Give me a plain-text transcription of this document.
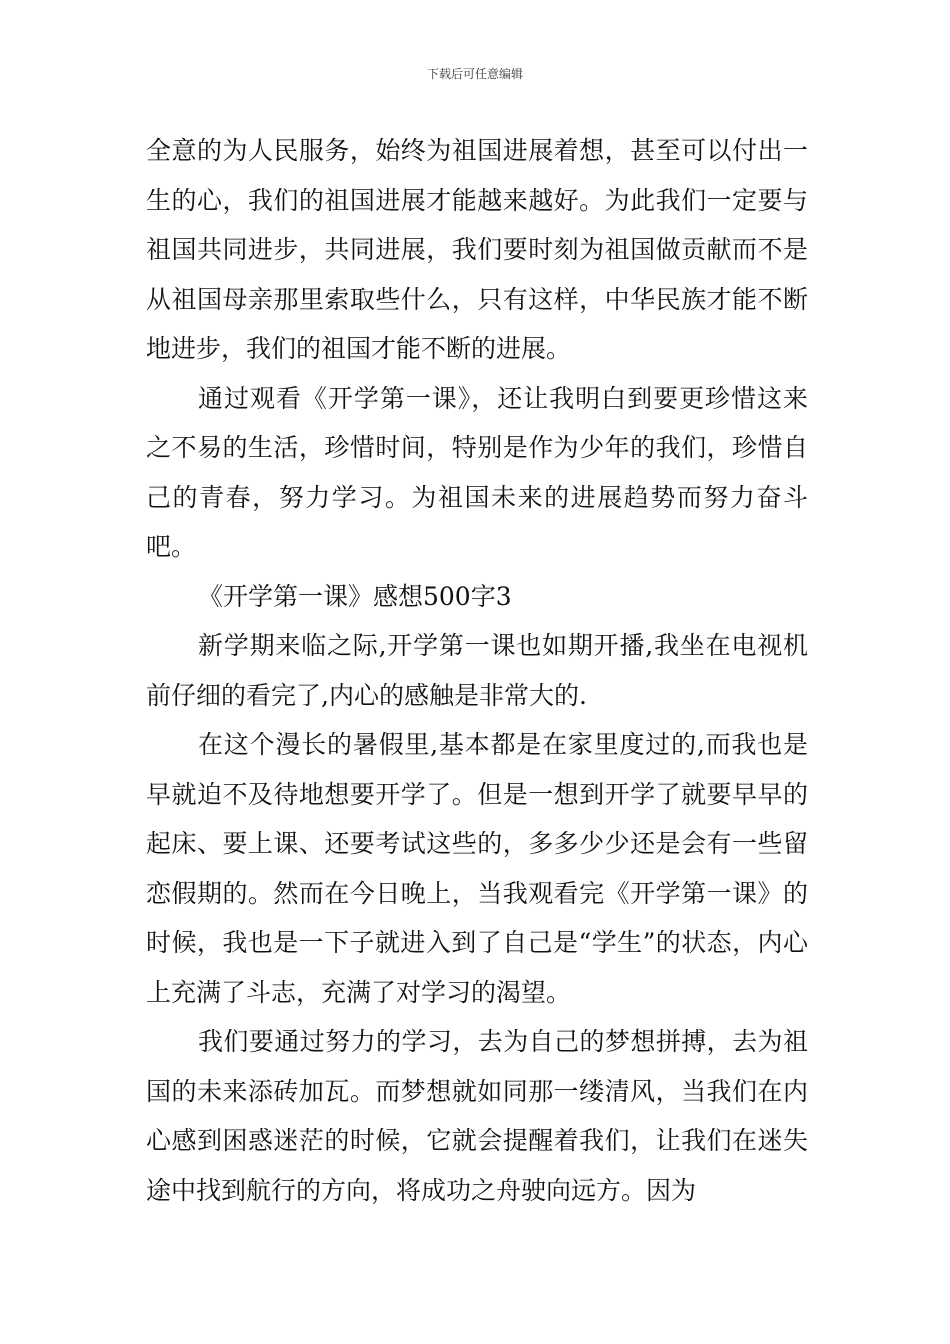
下载后可任意编辑

全意的为人民服务，始终为祖国进展着想，甚至可以付出一生的心，我们的祖国进展才能越来越好。为此我们一定要与祖国共同进步，共同进展，我们要时刻为祖国做贡献而不是从祖国母亲那里索取些什么，只有这样，中华民族才能不断地进步，我们的祖国才能不断的进展。

通过观看《开学第一课》，还让我明白到要更珍惜这来之不易的生活，珍惜时间，特别是作为少年的我们，珍惜自己的青春，努力学习。为祖国未来的进展趋势而努力奋斗吧。

《开学第一课》感想500字3

新学期来临之际,开学第一课也如期开播,我坐在电视机前仔细的看完了,内心的感触是非常大的.

在这个漫长的暑假里,基本都是在家里度过的,而我也是早就迫不及待地想要开学了。但是一想到开学了就要早早的起床、要上课、还要考试这些的，多多少少还是会有一些留恋假期的。然而在今日晚上，当我观看完《开学第一课》的时候，我也是一下子就进入到了自己是“学生”的状态，内心上充满了斗志，充满了对学习的渴望。

我们要通过努力的学习，去为自己的梦想拼搏，去为祖国的未来添砖加瓦。而梦想就如同那一缕清风，当我们在内心感到困惑迷茫的时候，它就会提醒着我们，让我们在迷失途中找到航行的方向，将成功之舟驶向远方。因为
